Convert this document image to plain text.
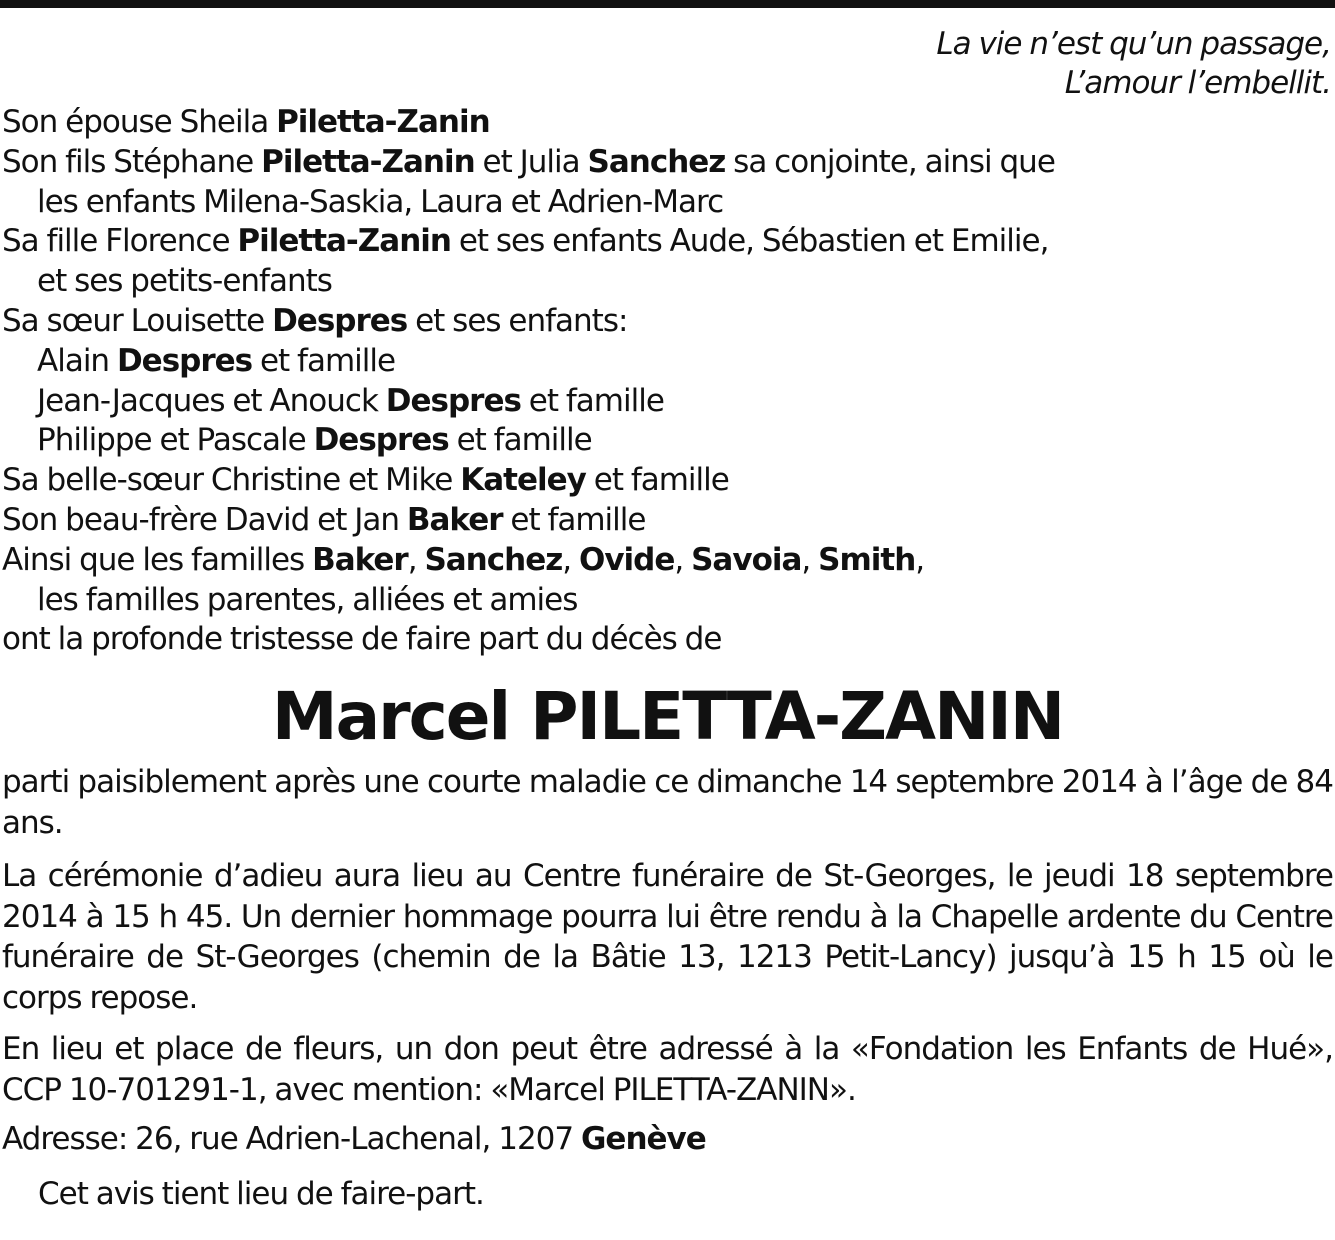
La vie n’est qu’un passage,
L’amour l’embellit.
Son épouse Sheila Piletta-Zanin
Son fils Stéphane Piletta-Zanin et Julia Sanchez sa conjointe, ainsi que
les enfants Milena-Saskia, Laura et Adrien-Marc
Sa fille Florence Piletta-Zanin et ses enfants Aude, Sébastien et Emilie,
et ses petits-enfants
Sa sœur Louisette Despres et ses enfants:
Alain Despres et famille
Jean-Jacques et Anouck Despres et famille
Philippe et Pascale Despres et famille
Sa belle-sœur Christine et Mike Kateley et famille
Son beau-frère David et Jan Baker et famille
Ainsi que les familles Baker, Sanchez, Ovide, Savoia, Smith,
les familles parentes, alliées et amies
ont la profonde tristesse de faire part du décès de
Marcel PILETTA-ZANIN
parti paisiblement après une courte maladie ce dimanche 14 septembre 2014 à l’âge de 84 ans.
La cérémonie d’adieu aura lieu au Centre funéraire de St-Georges, le jeudi 18 septembre 2014 à 15 h 45. Un dernier hommage pourra lui être rendu à la Chapelle ardente du Centre funéraire de St-Georges (chemin de la Bâtie 13, 1213 Petit-Lancy) jusqu’à 15 h 15 où le corps repose.
En lieu et place de fleurs, un don peut être adressé à la «Fondation les Enfants de Hué», CCP 10-701291-1, avec mention: «Marcel PILETTA-ZANIN».
Adresse: 26, rue Adrien-Lachenal, 1207 Genève
Cet avis tient lieu de faire-part.
